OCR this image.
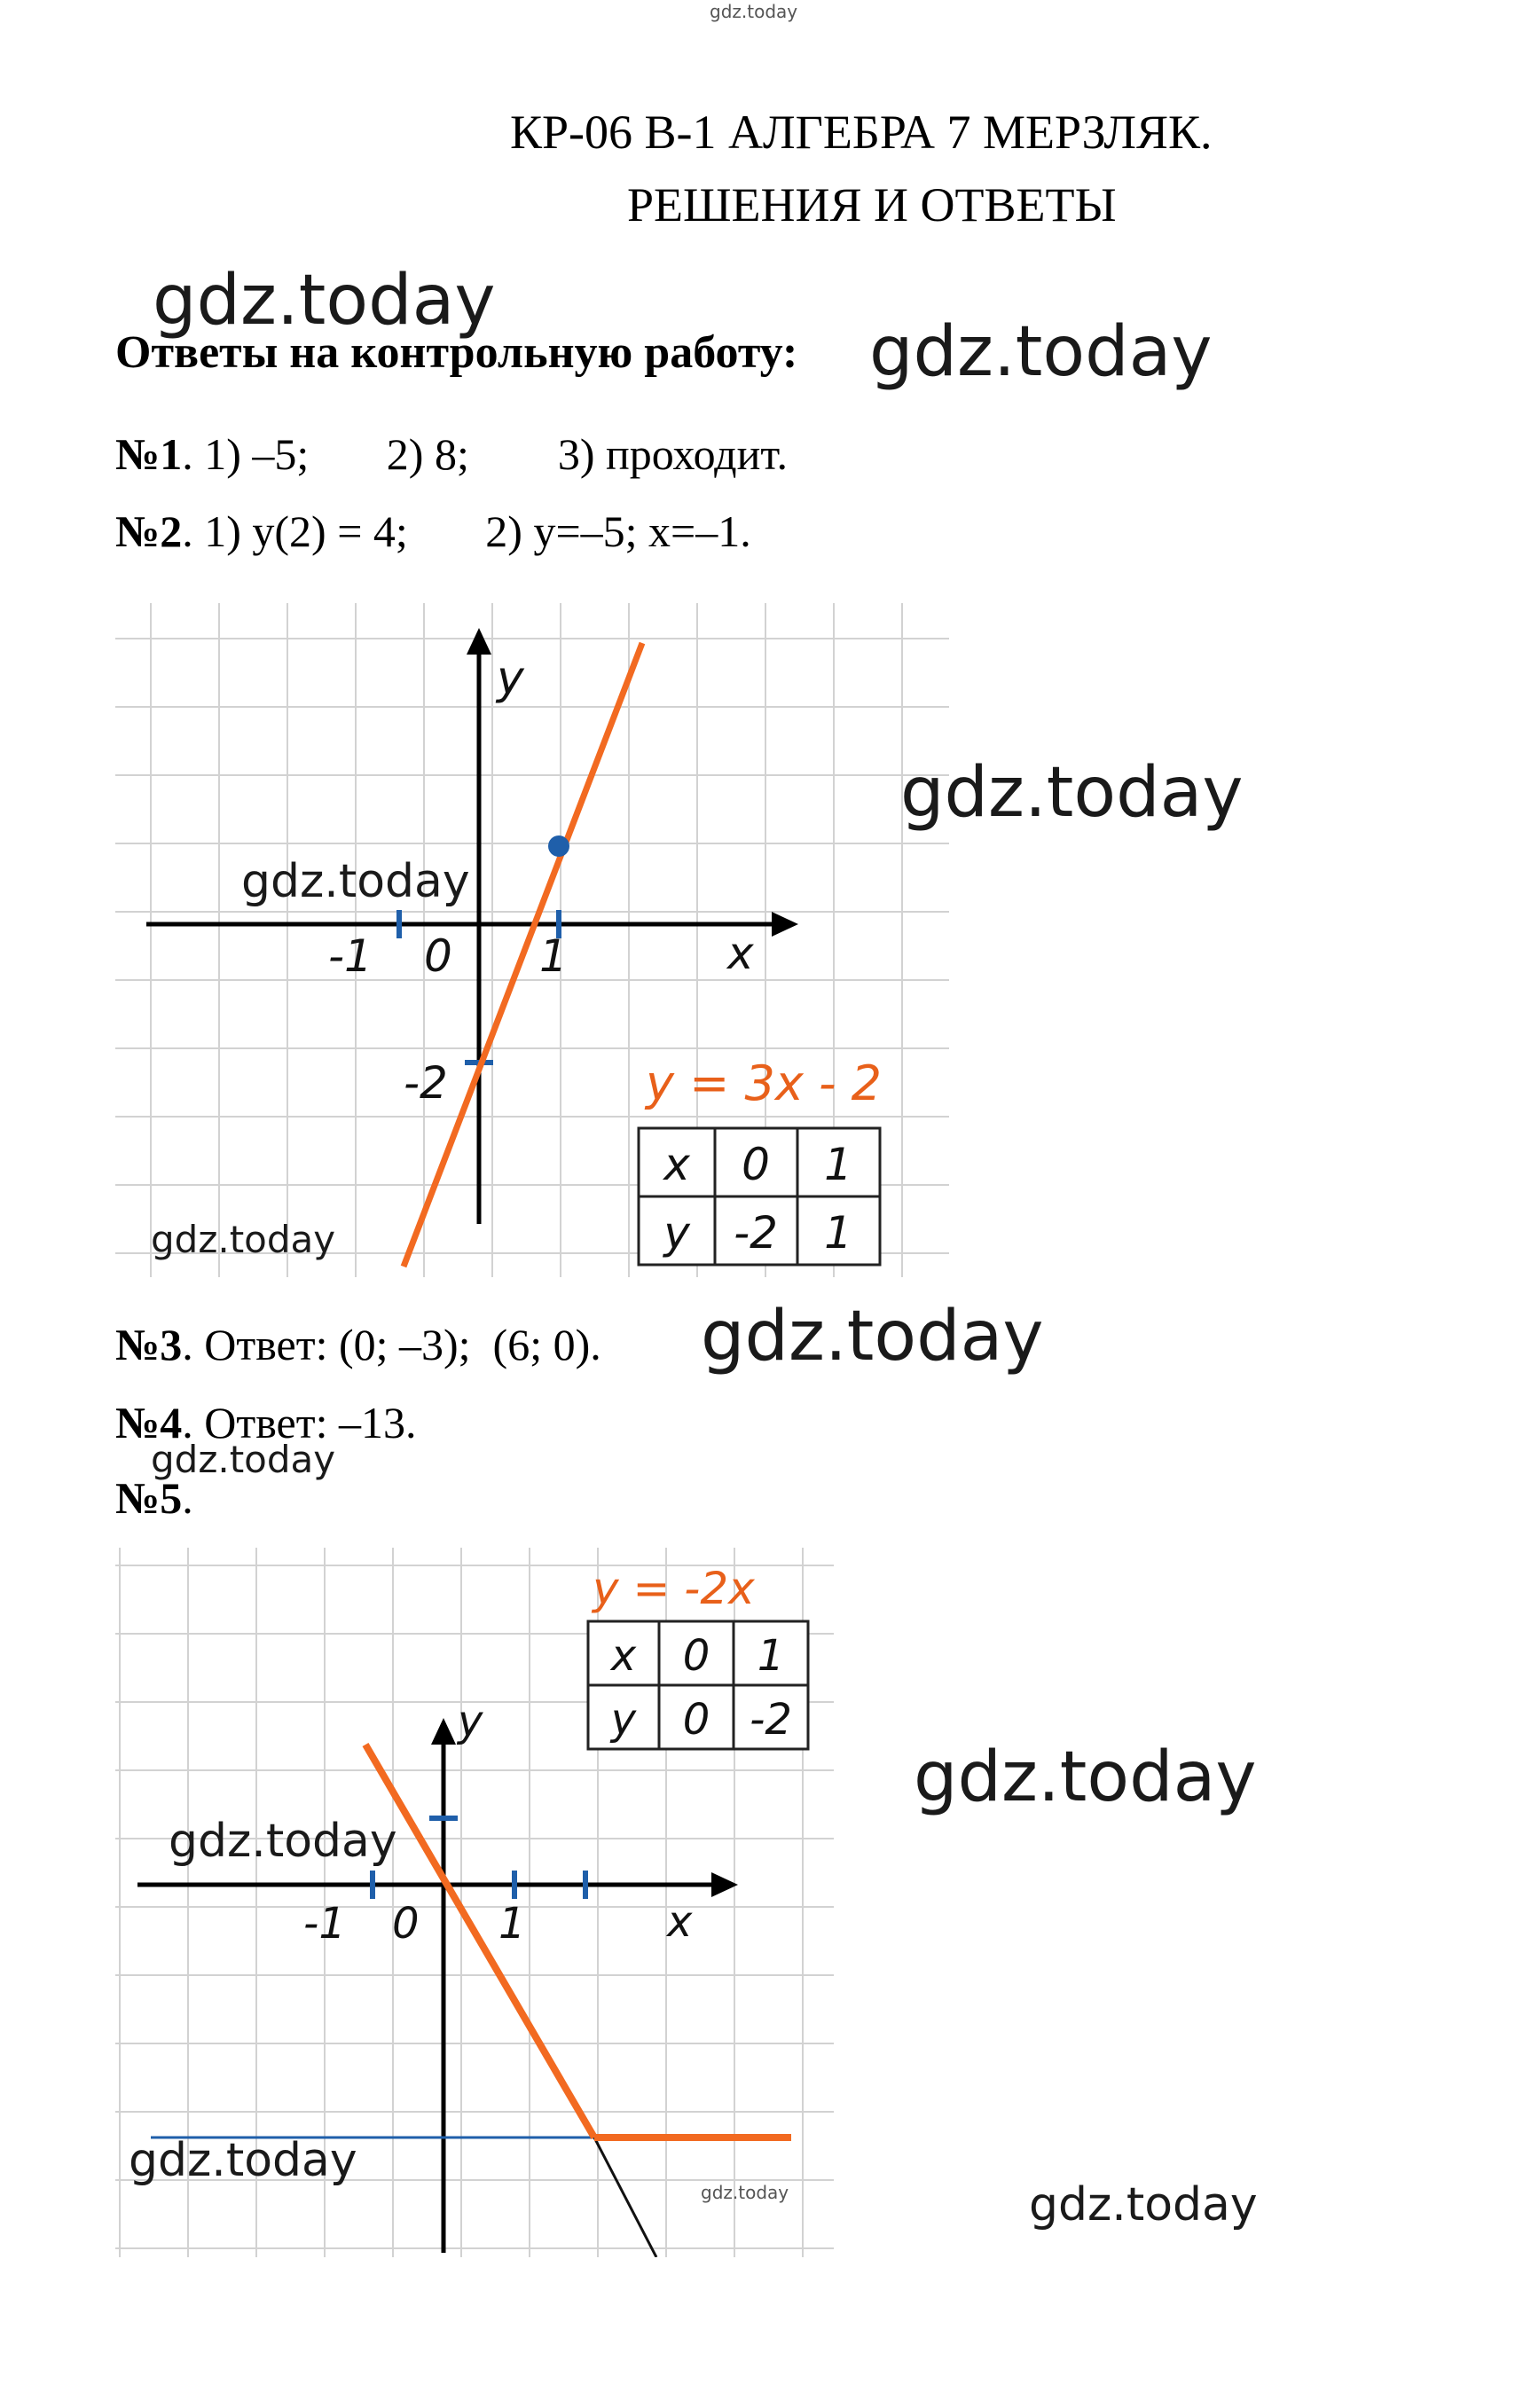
КР-06 В-1 АЛГЕБРА 7 МЕРЗЛЯК.
РЕШЕНИЯ И ОТВЕТЫ
gdz.today
Ответы на контрольную работу: gdz.today
gdz.today
№1. 1) –5;       2) 8;        3) проходит.
№2. 1) y(2) = 4;       2) y=–5; x=–1.
y
x
-1 0 1
-2	y = 3x - 2
x 0 1
y -2 1
gdz.today
gdz.today
gdz.today
№3. Ответ: (0; –3);  (6; 0). gdz.today
№4. Ответ: –13.
gdz.today
№5.
y
x
-1 0 1
y = -2x
x 0 1
y 0 -2
gdz.today
gdz.today
gdz.today
gdz.today	gdz.today
